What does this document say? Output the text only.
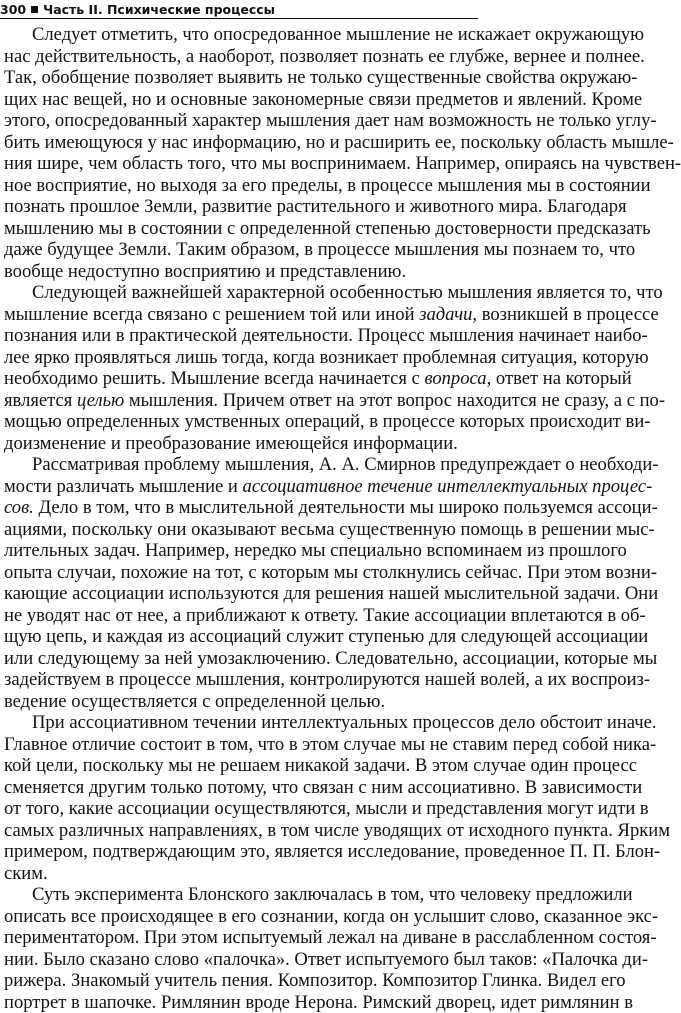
300 Часть II. Психические процессы
Следует отметить, что опосредованное мышление не искажает окружающую
нас действительность, а наоборот, позволяет познать ее глубже, вернее и полнее.
Так, обобщение позволяет выявить не только существенные свойства окружаю-
щих нас вещей, но и основные закономерные связи предметов и явлений. Кроме
этого, опосредованный характер мышления дает нам возможность не только углу-
бить имеющуюся у нас информацию, но и расширить ее, поскольку область мышле-
ния шире, чем область того, что мы воспринимаем. Например, опираясь на чувствен-
ное восприятие, но выходя за его пределы, в процессе мышления мы в состоянии
познать прошлое Земли, развитие растительного и животного мира. Благодаря
мышлению мы в состоянии с определенной степенью достоверности предсказать
даже будущее Земли. Таким образом, в процессе мышления мы познаем то, что
вообще недоступно восприятию и представлению.
Следующей важнейшей характерной особенностью мышления является то, что
мышление всегда связано с решением той или иной задачи, возникшей в процессе
познания или в практической деятельности. Процесс мышления начинает наибо-
лее ярко проявляться лишь тогда, когда возникает проблемная ситуация, которую
необходимо решить. Мышление всегда начинается с вопроса, ответ на который
является целью мышления. Причем ответ на этот вопрос находится не сразу, а с по-
мощью определенных умственных операций, в процессе которых происходит ви-
доизменение и преобразование имеющейся информации.
Рассматривая проблему мышления, А. А. Смирнов предупреждает о необходи-
мости различать мышление и ассоциативное течение интеллектуальных процес-
сов. Дело в том, что в мыслительной деятельности мы широко пользуемся ассоци-
ациями, поскольку они оказывают весьма существенную помощь в решении мыс-
лительных задач. Например, нередко мы специально вспоминаем из прошлого
опыта случаи, похожие на тот, с которым мы столкнулись сейчас. При этом возни-
кающие ассоциации используются для решения нашей мыслительной задачи. Они
не уводят нас от нее, а приближают к ответу. Такие ассоциации вплетаются в об-
щую цепь, и каждая из ассоциаций служит ступенью для следующей ассоциации
или следующему за ней умозаключению. Следовательно, ассоциации, которые мы
задействуем в процессе мышления, контролируются нашей волей, а их воспроиз-
ведение осуществляется с определенной целью.
При ассоциативном течении интеллектуальных процессов дело обстоит иначе.
Главное отличие состоит в том, что в этом случае мы не ставим перед собой ника-
кой цели, поскольку мы не решаем никакой задачи. В этом случае один процесс
сменяется другим только потому, что связан с ним ассоциативно. В зависимости
от того, какие ассоциации осуществляются, мысли и представления могут идти в
самых различных направлениях, в том числе уводящих от исходного пункта. Ярким
примером, подтверждающим это, является исследование, проведенное П. П. Блон-
ским.
Суть эксперимента Блонского заключалась в том, что человеку предложили
описать все происходящее в его сознании, когда он услышит слово, сказанное экс-
периментатором. При этом испытуемый лежал на диване в расслабленном состоя-
нии. Было сказано слово «палочка». Ответ испытуемого был таков: «Палочка ди-
рижера. Знакомый учитель пения. Композитор. Композитор Глинка. Видел его
портрет в шапочке. Римлянин вроде Нерона. Римский дворец, идет римлянин в
